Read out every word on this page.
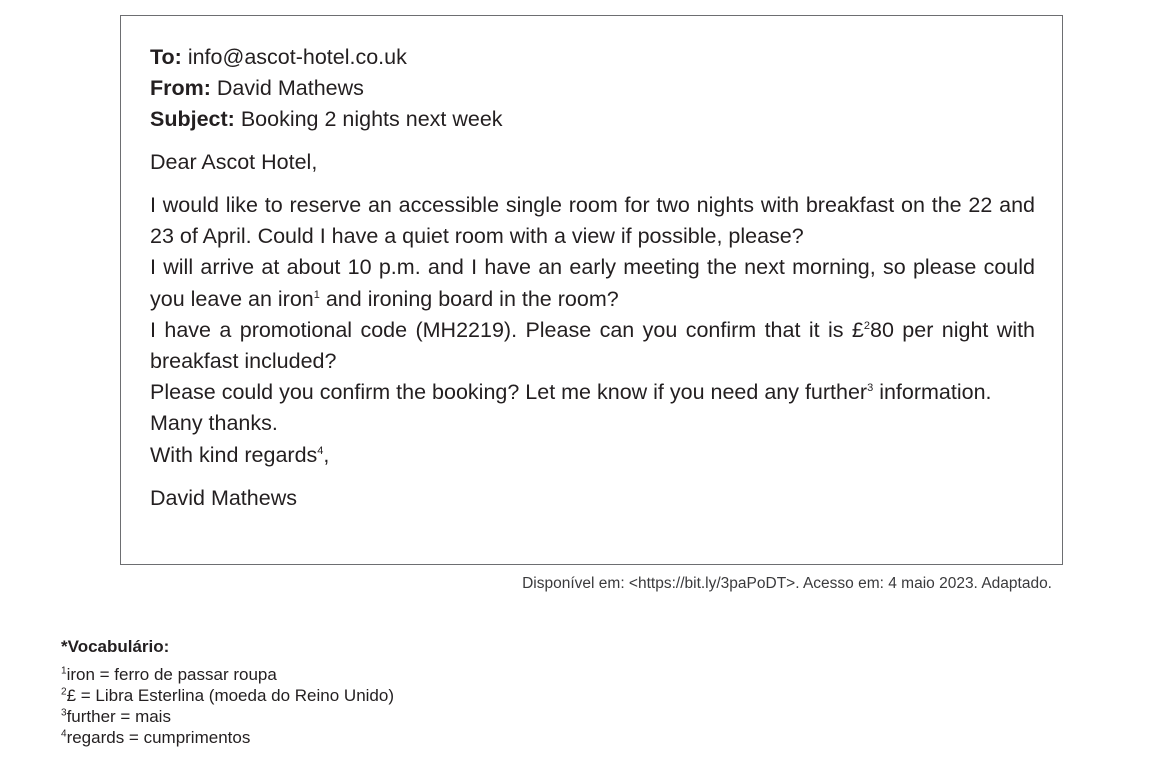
To: info@ascot-hotel.co.uk
From: David Mathews
Subject: Booking 2 nights next week
Dear Ascot Hotel,
I would like to reserve an accessible single room for two nights with breakfast on the 22 and 23 of April. Could I have a quiet room with a view if possible, please?
I will arrive at about 10 p.m. and I have an early meeting the next morning, so please could you leave an iron$^1$ and ironing board in the room?
I have a promotional code (MH2219). Please can you confirm that it is £$^2$80 per night with breakfast included?
Please could you confirm the booking? Let me know if you need any further$^3$ information.
Many thanks.
With kind regards$^4$,
David Mathews
Disponível em: <https://bit.ly/3paPoDT>. Acesso em: 4 maio 2023. Adaptado.
*Vocabulário:
$^1$iron = ferro de passar roupa
$^2$£ = Libra Esterlina (moeda do Reino Unido)
$^3$further = mais
$^4$regards = cumprimentos
